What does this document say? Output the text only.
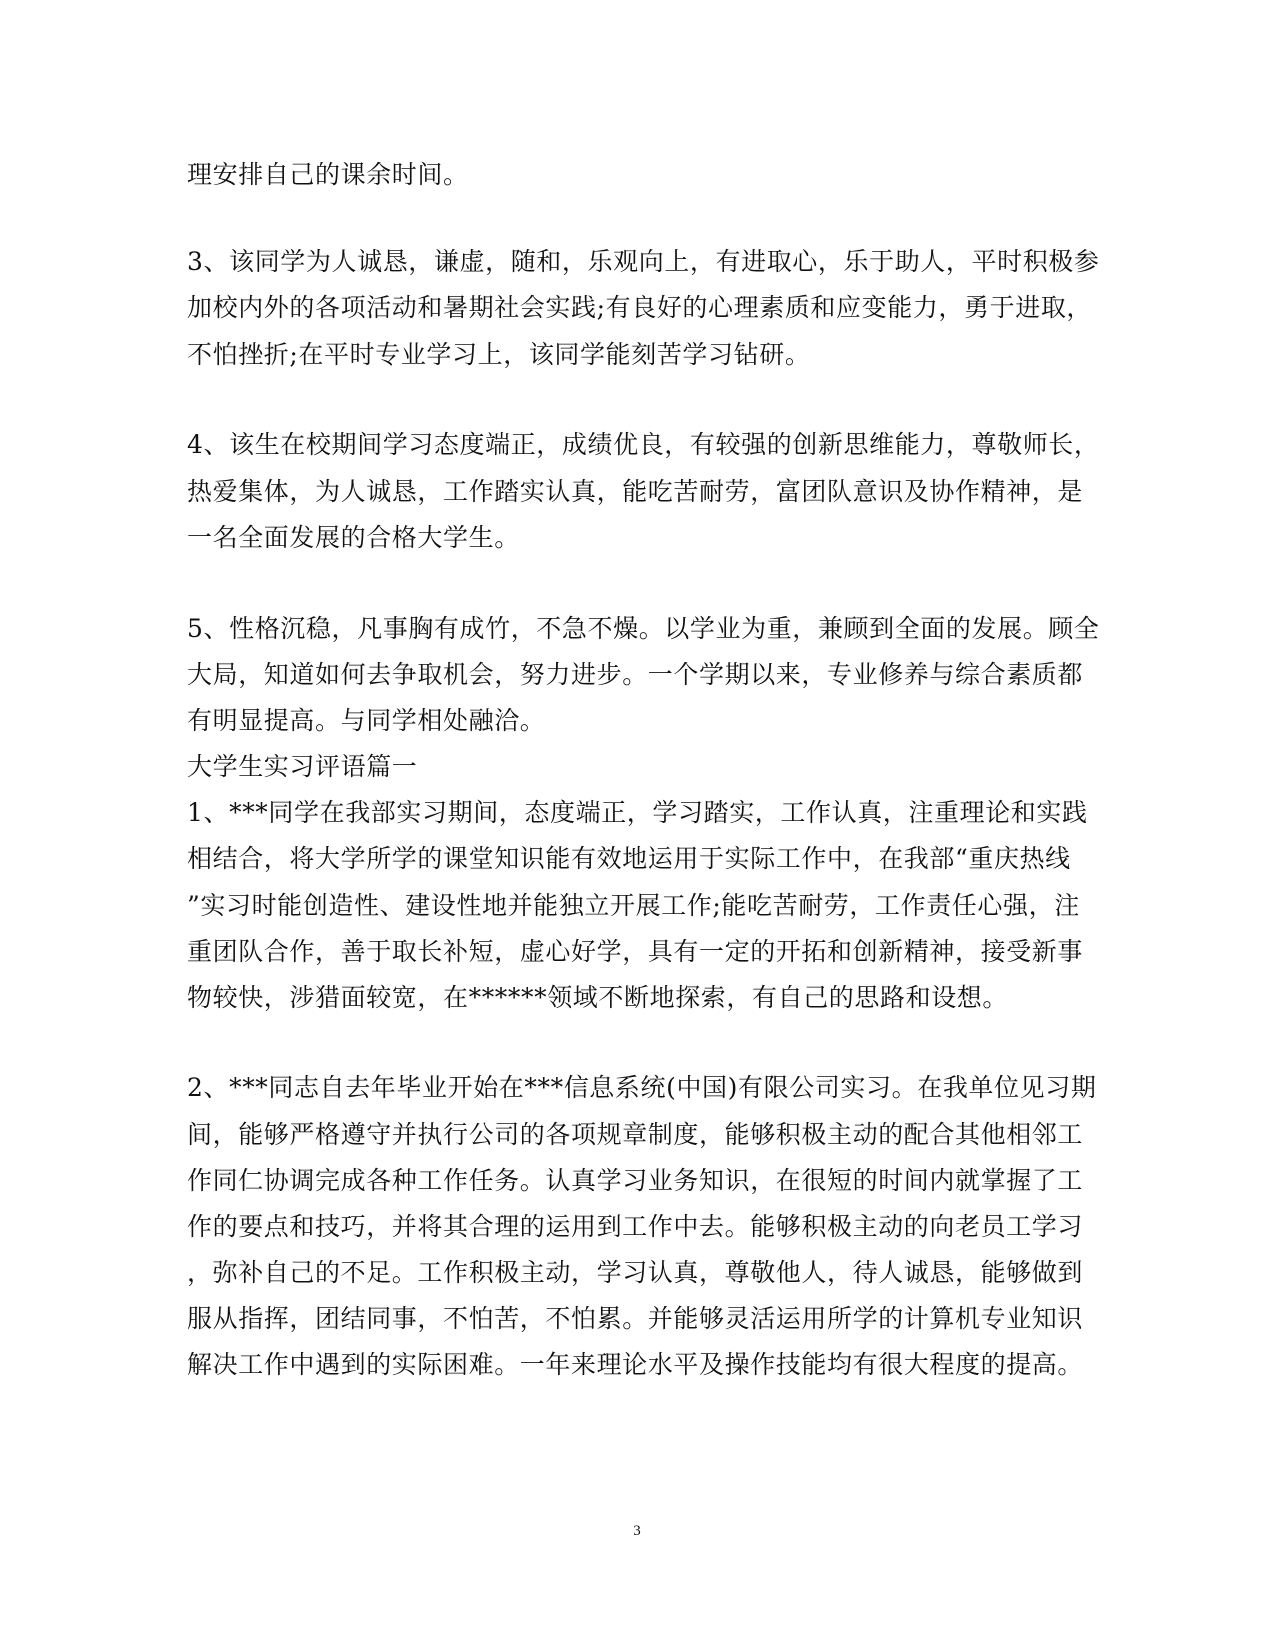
理安排自己的课余时间。
3、该同学为人诚恳，谦虚，随和，乐观向上，有进取心，乐于助人，平时积极参
加校内外的各项活动和暑期社会实践;有良好的心理素质和应变能力，勇于进取，
不怕挫折;在平时专业学习上，该同学能刻苦学习钻研。
4、该生在校期间学习态度端正，成绩优良，有较强的创新思维能力，尊敬师长，
热爱集体，为人诚恳，工作踏实认真，能吃苦耐劳，富团队意识及协作精神，是
一名全面发展的合格大学生。
5、性格沉稳，凡事胸有成竹，不急不燥。以学业为重，兼顾到全面的发展。顾全
大局，知道如何去争取机会，努力进步。一个学期以来，专业修养与综合素质都
有明显提高。与同学相处融洽。
大学生实习评语篇一
1、***同学在我部实习期间，态度端正，学习踏实，工作认真，注重理论和实践
相结合，将大学所学的课堂知识能有效地运用于实际工作中，在我部“重庆热线
”实习时能创造性、建设性地并能独立开展工作;能吃苦耐劳，工作责任心强，注
重团队合作，善于取长补短，虚心好学，具有一定的开拓和创新精神，接受新事
物较快，涉猎面较宽，在******领域不断地探索，有自己的思路和设想。
2、***同志自去年毕业开始在***信息系统(中国)有限公司实习。在我单位见习期
间，能够严格遵守并执行公司的各项规章制度，能够积极主动的配合其他相邻工
作同仁协调完成各种工作任务。认真学习业务知识，在很短的时间内就掌握了工
作的要点和技巧，并将其合理的运用到工作中去。能够积极主动的向老员工学习
，弥补自己的不足。工作积极主动，学习认真，尊敬他人，待人诚恳，能够做到
服从指挥，团结同事，不怕苦，不怕累。并能够灵活运用所学的计算机专业知识
解决工作中遇到的实际困难。一年来理论水平及操作技能均有很大程度的提高。
3
